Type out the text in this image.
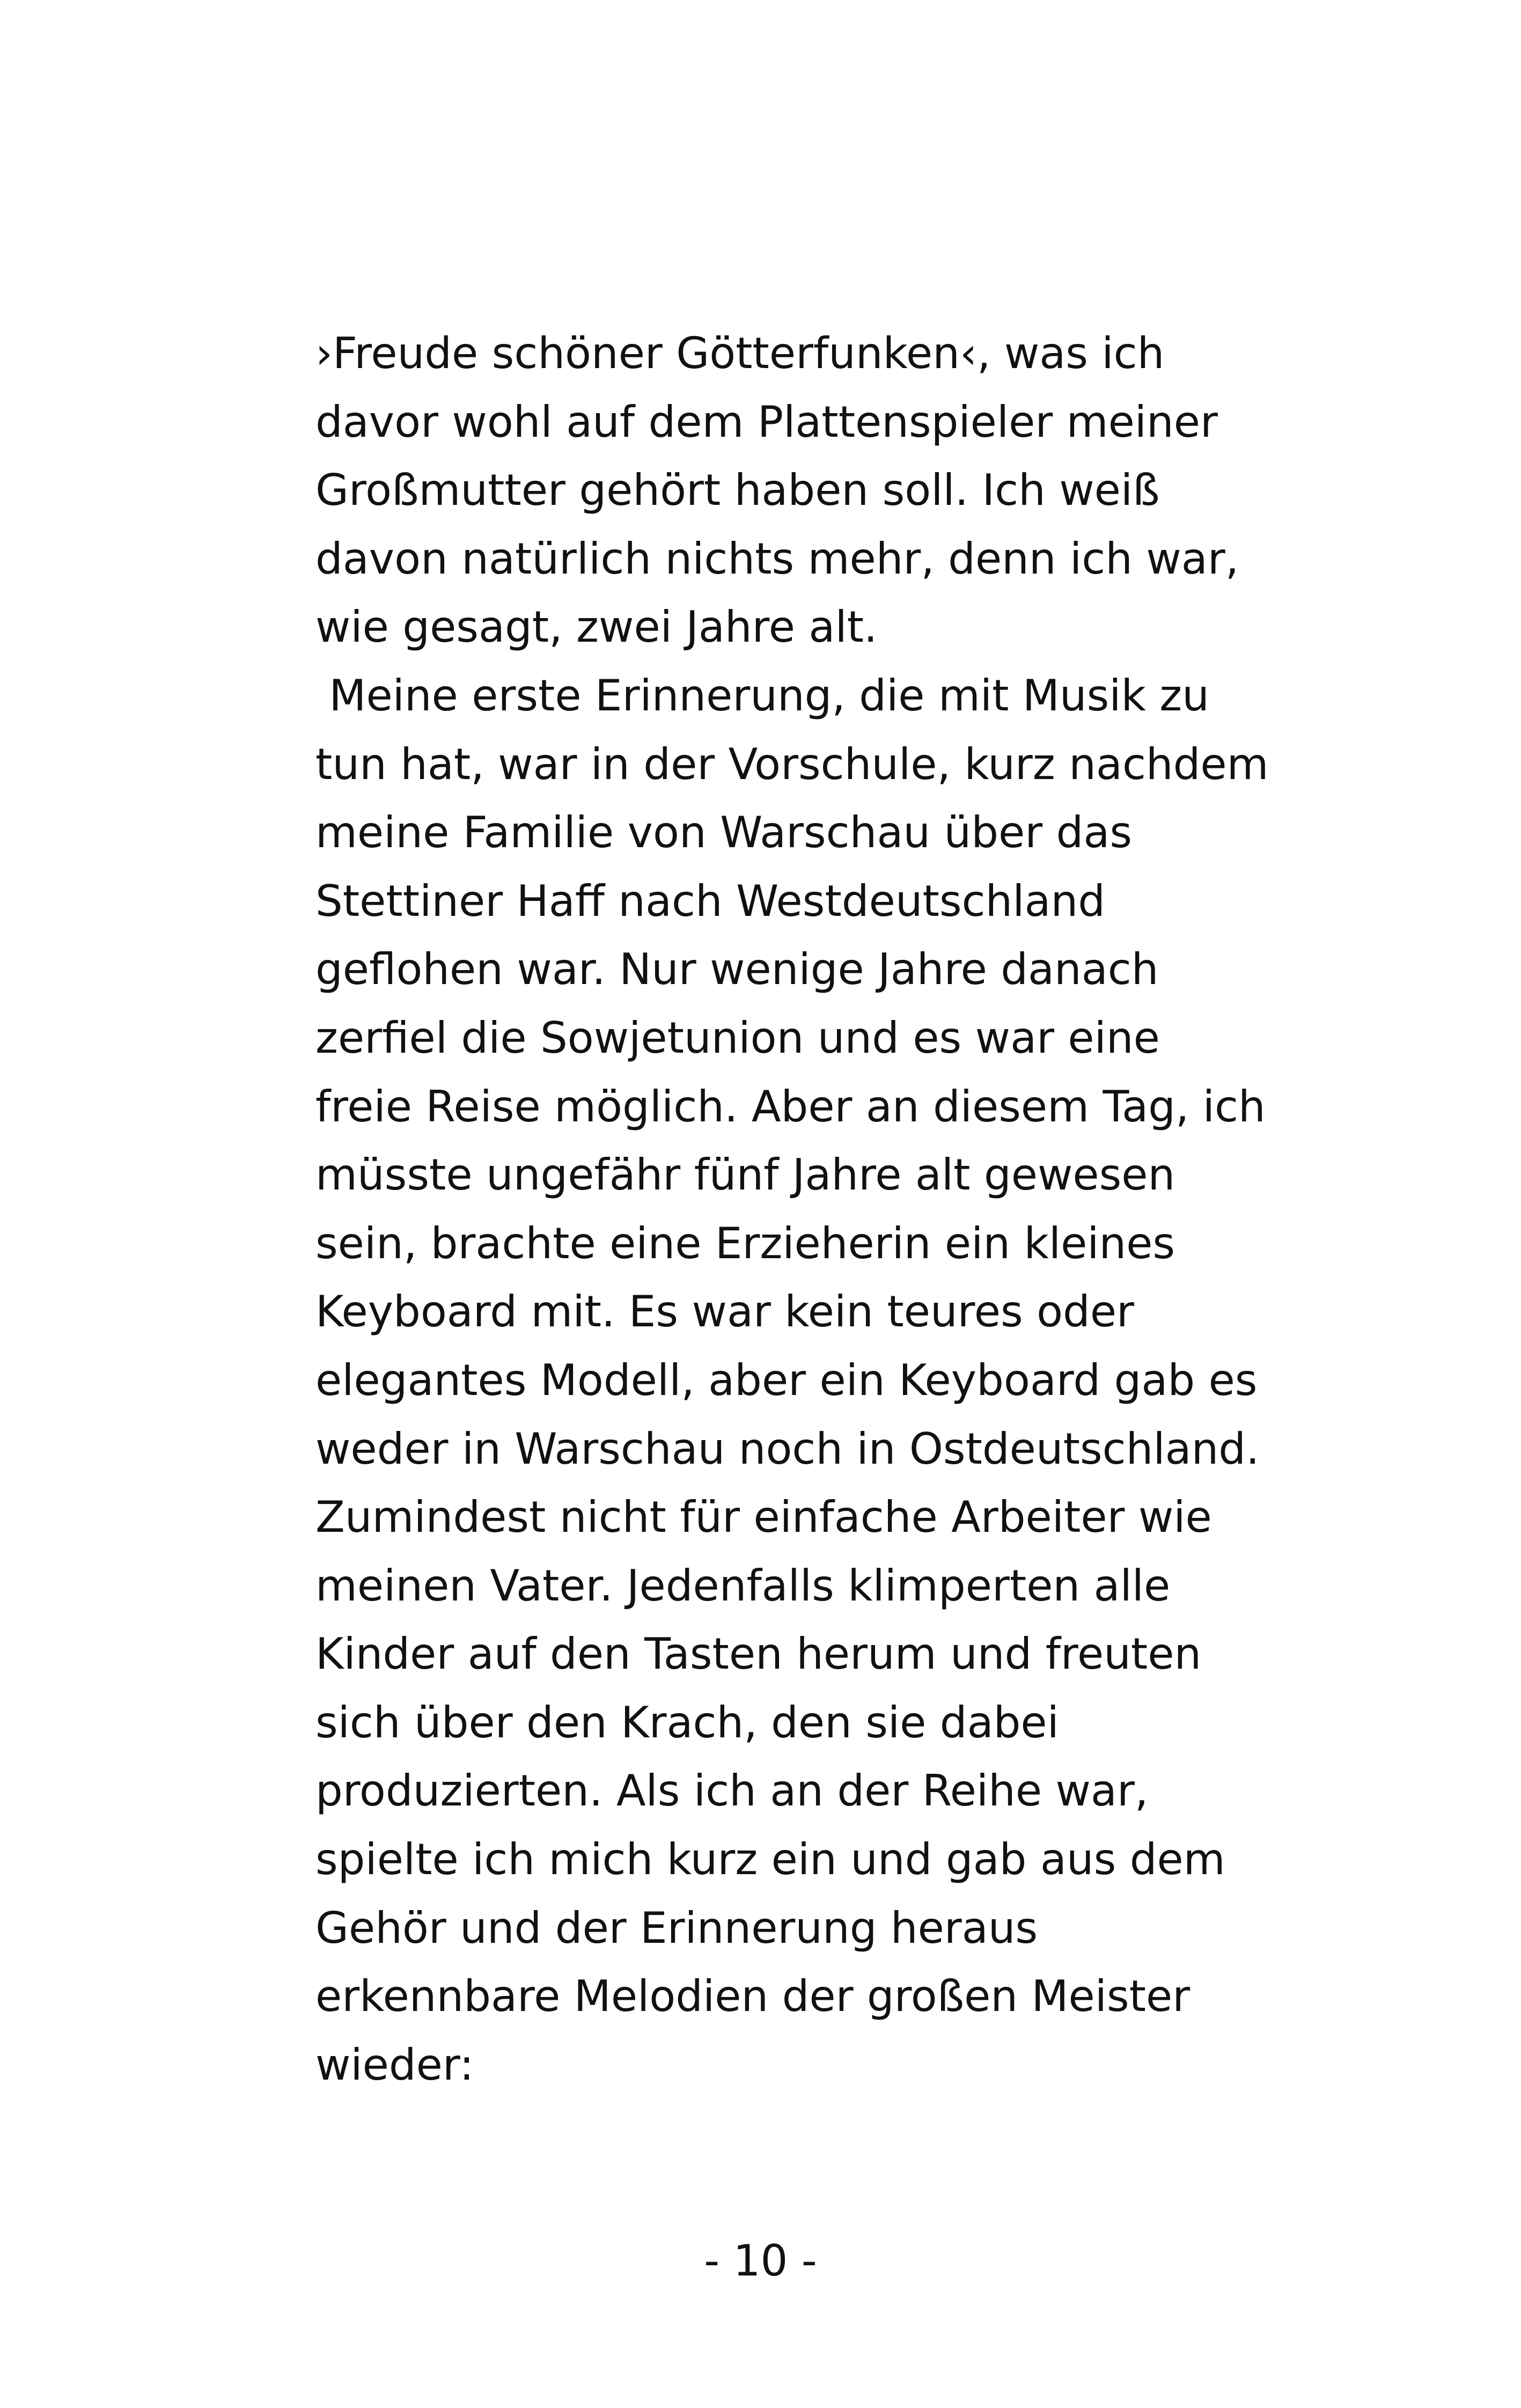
›Freude schöner Götterfunken‹, was ich
davor wohl auf dem Plattenspieler meiner
Großmutter gehört haben soll. Ich weiß
davon natürlich nichts mehr, denn ich war,
wie gesagt, zwei Jahre alt.
Meine erste Erinnerung, die mit Musik zu
tun hat, war in der Vorschule, kurz nachdem
meine Familie von Warschau über das
Stettiner Haff nach Westdeutschland
geflohen war. Nur wenige Jahre danach
zerfiel die Sowjetunion und es war eine
freie Reise möglich. Aber an diesem Tag, ich
müsste ungefähr fünf Jahre alt gewesen
sein, brachte eine Erzieherin ein kleines
Keyboard mit. Es war kein teures oder
elegantes Modell, aber ein Keyboard gab es
weder in Warschau noch in Ostdeutschland.
Zumindest nicht für einfache Arbeiter wie
meinen Vater. Jedenfalls klimperten alle
Kinder auf den Tasten herum und freuten
sich über den Krach, den sie dabei
produzierten. Als ich an der Reihe war,
spielte ich mich kurz ein und gab aus dem
Gehör und der Erinnerung heraus
erkennbare Melodien der großen Meister
wieder:
- 10 -
